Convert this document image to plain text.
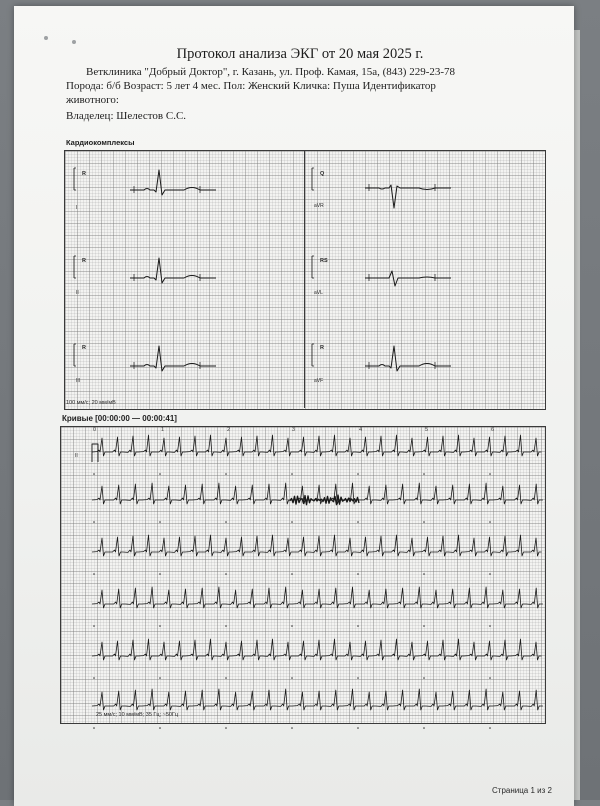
Протокол анализа ЭКГ от 20 мая 2025 г.
Ветклиника "Добрый Доктор", г. Казань, ул. Проф. Камая, 15а, (843) 229-23-78
Порода: б/б Возраст: 5 лет 4 мес. Пол: Женский Кличка: Пуша Идентификатор
животного:
Владелец: Шелестов С.С.
Кардиокомплексы
R
I
R
II
R
III
Q
aVR
RS
aVL
R
aVF
100 мм/с; 20 мм/мВ
Кривые [00:00:00 — 00:00:41]
0	1	2	3	4	5	6
II
25 мм/с; 10 мм/мВ; 35 Гц; ~50Гц
Страница 1 из 2
